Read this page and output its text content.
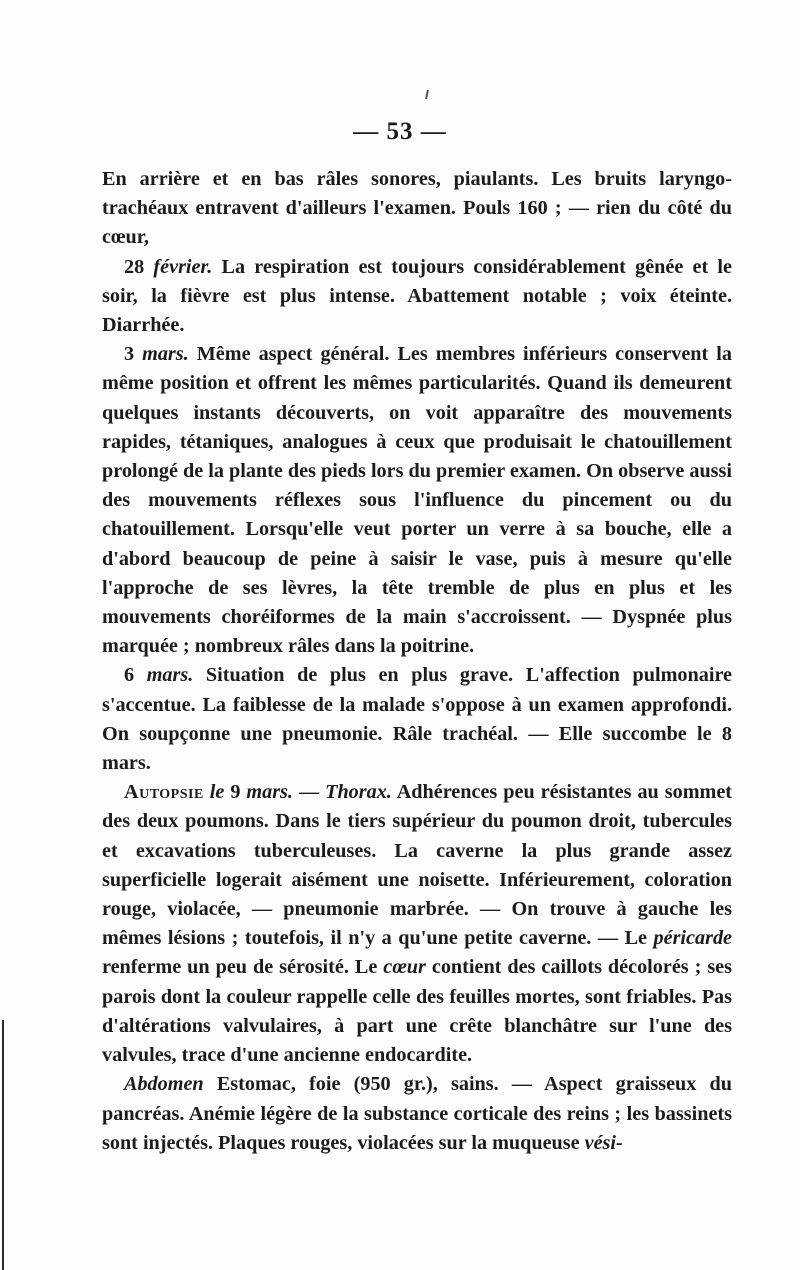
— 53 —

En arrière et en bas râles sonores, piaulants. Les bruits laryngo-trachéaux entravent d'ailleurs l'examen. Pouls 160 ; — rien du côté du cœur,

28 février. La respiration est toujours considérablement gênée et le soir, la fièvre est plus intense. Abattement notable ; voix éteinte. Diarrhée.

3 mars. Même aspect général. Les membres inférieurs conservent la même position et offrent les mêmes particularités. Quand ils demeurent quelques instants découverts, on voit apparaître des mouvements rapides, tétaniques, analogues à ceux que produisait le chatouillement prolongé de la plante des pieds lors du premier examen. On observe aussi des mouvements réflexes sous l'influence du pincement ou du chatouillement. Lorsqu'elle veut porter un verre à sa bouche, elle a d'abord beaucoup de peine à saisir le vase, puis à mesure qu'elle l'approche de ses lèvres, la tête tremble de plus en plus et les mouvements choréiformes de la main s'accroissent. — Dyspnée plus marquée ; nombreux râles dans la poitrine.

6 mars. Situation de plus en plus grave. L'affection pulmonaire s'accentue. La faiblesse de la malade s'oppose à un examen approfondi. On soupçonne une pneumonie. Râle trachéal. — Elle succombe le 8 mars.

Autopsie le 9 mars. — Thorax. Adhérences peu résistantes au sommet des deux poumons. Dans le tiers supérieur du poumon droit, tubercules et excavations tuberculeuses. La caverne la plus grande assez superficielle logerait aisément une noisette. Inférieurement, coloration rouge, violacée, — pneumonie marbrée. — On trouve à gauche les mêmes lésions ; toutefois, il n'y a qu'une petite caverne. — Le péricarde renferme un peu de sérosité. Le cœur contient des caillots décolorés ; ses parois dont la couleur rappelle celle des feuilles mortes, sont friables. Pas d'altérations valvulaires, à part une crête blanchâtre sur l'une des valvules, trace d'une ancienne endocardite.

Abdomen Estomac, foie (950 gr.), sains. — Aspect graisseux du pancréas. Anémie légère de la substance corticale des reins ; les bassinets sont injectés. Plaques rouges, violacées sur la muqueuse vési-
